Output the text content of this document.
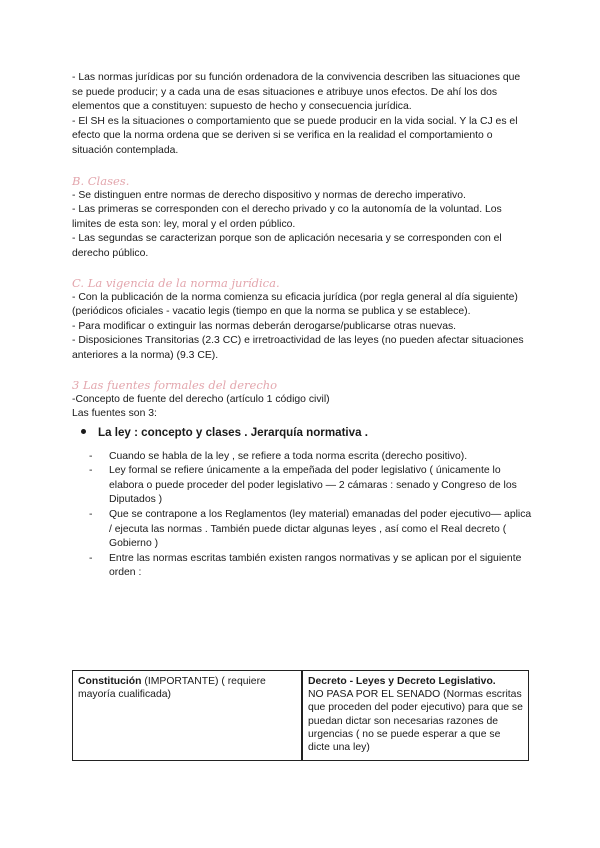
- Las normas jurídicas por su función ordenadora de la convivencia describen las situaciones que se puede producir; y a cada una de esas situaciones e atribuye unos efectos. De ahí los dos elementos que a constituyen: supuesto de hecho y consecuencia jurídica.

- El SH es la situaciones o comportamiento que se puede producir en la vida social. Y la CJ es el efecto que la norma ordena que se deriven si se verifica en la realidad el comportamiento o situación contemplada.

B. Clases.

- Se distinguen entre normas de derecho dispositivo y normas de derecho imperativo.

- Las primeras se corresponden con el derecho privado y co la autonomía de la voluntad. Los limites de esta son: ley, moral y el orden público.

- Las segundas se caracterizan porque son de aplicación necesaria y se corresponden con el derecho público.

C. La vigencia de la norma jurídica.

- Con la publicación de la norma comienza su eficacia jurídica (por regla general al día siguiente) (periódicos oficiales - vacatio legis (tiempo en que la norma se publica y se establece).

- Para modificar o extinguir las normas deberán derogarse/publicarse otras nuevas.

- Disposiciones Transitorias (2.3 CC) e irretroactividad de las leyes (no pueden afectar situaciones anteriores a la norma) (9.3 CE).

3 Las fuentes formales del derecho

-Concepto de fuente del derecho (artículo 1 código civil)

Las fuentes son 3:

La ley : concepto y clases . Jerarquía normativa .
- Cuando se habla de la ley , se refiere a toda norma escrita (derecho positivo).
- Ley formal se refiere únicamente a la empeñada del poder legislativo ( únicamente lo elabora o puede proceder del poder legislativo — 2 cámaras : senado y Congreso de los Diputados )
- Que se contrapone a los Reglamentos (ley material) emanadas del poder ejecutivo— aplica / ejecuta las normas . También puede dictar algunas leyes , así como el Real decreto ( Gobierno )
- Entre las normas escritas también existen rangos normativas y se aplican por el siguiente orden :
Constitución (IMPORTANTE) ( requiere mayoría cualificada)	Decreto - Leyes y Decreto Legislativo.
NO PASA POR EL SENADO (Normas escritas que proceden del poder ejecutivo) para que se puedan dictar son necesarias razones de urgencias ( no se puede esperar a que se dicte una ley)
